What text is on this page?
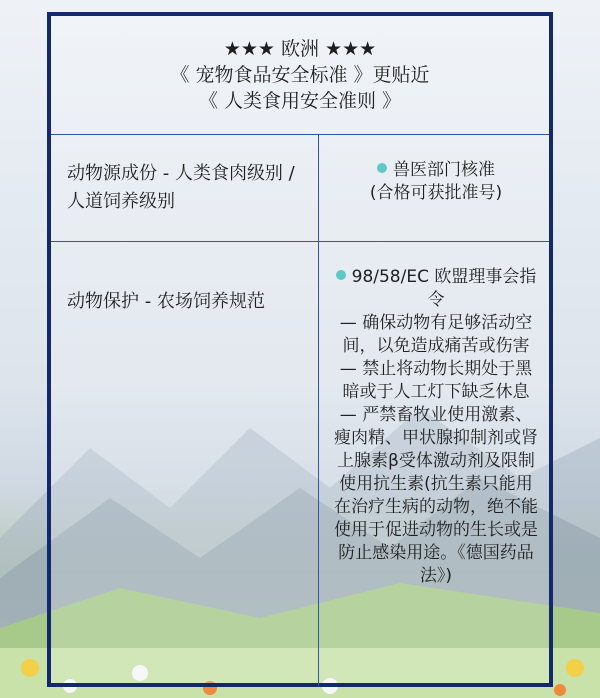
★★★ 欧洲 ★★★
《 宠物食品安全标准 》更贴近
《 人类食用安全准则 》
动物源成份 - 人类食肉级别 / 人道饲养级别
兽医部门核准
(合格可获批准号)
动物保护 - 农场饲养规范
98/58/EC 欧盟理事会指令
— 确保动物有足够活动空间，以免造成痛苦或伤害
— 禁止将动物长期处于黑暗或于人工灯下缺乏休息
— 严禁畜牧业使用激素、瘦肉精、甲状腺抑制剂或肾上腺素β受体激动剂及限制使用抗生素(抗生素只能用在治疗生病的动物，绝不能使用于促进动物的生长或是防止感染用途。《德国药品法》)
